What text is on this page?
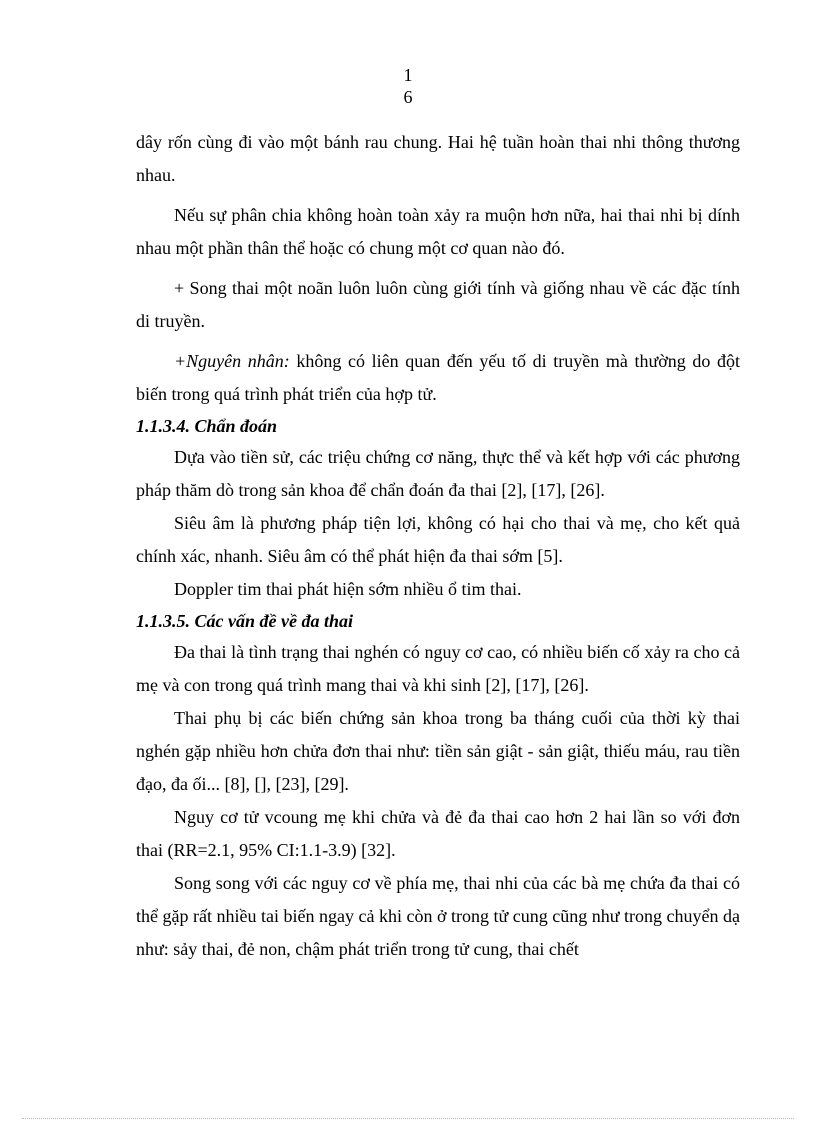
1
6

dây rốn cùng đi vào một bánh rau chung. Hai hệ tuần hoàn thai nhi thông thương nhau.

Nếu sự phân chia không hoàn toàn xảy ra muộn hơn nữa, hai thai nhi bị dính nhau một phần thân thể hoặc có chung một cơ quan nào đó.

+ Song thai một noãn luôn luôn cùng giới tính và giống nhau về các đặc tính di truyền.

+Nguyên nhân: không có liên quan đến yếu tố di truyền mà thường do đột biến trong quá trình phát triển của hợp tử.

1.1.3.4. Chẩn đoán

Dựa vào tiền sử, các triệu chứng cơ năng, thực thể và kết hợp với các phương pháp thăm dò trong sản khoa để chẩn đoán đa thai [2], [17], [26].

Siêu âm là phương pháp tiện lợi, không có hại cho thai và mẹ, cho kết quả chính xác, nhanh. Siêu âm có thể phát hiện đa thai sớm [5].

Doppler tim thai phát hiện sớm nhiều ổ tim thai.

1.1.3.5. Các vấn đề về đa thai

Đa thai là tình trạng thai nghén có nguy cơ cao, có nhiều biến cố xảy ra cho cả mẹ và con trong quá trình mang thai và khi sinh [2], [17], [26].

Thai phụ bị các biến chứng sản khoa trong ba tháng cuối của thời kỳ thai nghén gặp nhiều hơn chửa đơn thai như: tiền sản giật - sản giật, thiếu máu, rau tiền đạo, đa ối... [8], [], [23], [29].

Nguy cơ tử vcoung mẹ khi chửa và đẻ đa thai cao hơn 2 hai lần so với đơn thai (RR=2.1, 95% CI:1.1-3.9) [32].

Song song với các nguy cơ về phía mẹ, thai nhi của các bà mẹ chứa đa thai có thể gặp rất nhiều tai biến ngay cả khi còn ở trong tử cung cũng như trong chuyển dạ như: sảy thai, đẻ non, chậm phát triển trong tử cung, thai chết
